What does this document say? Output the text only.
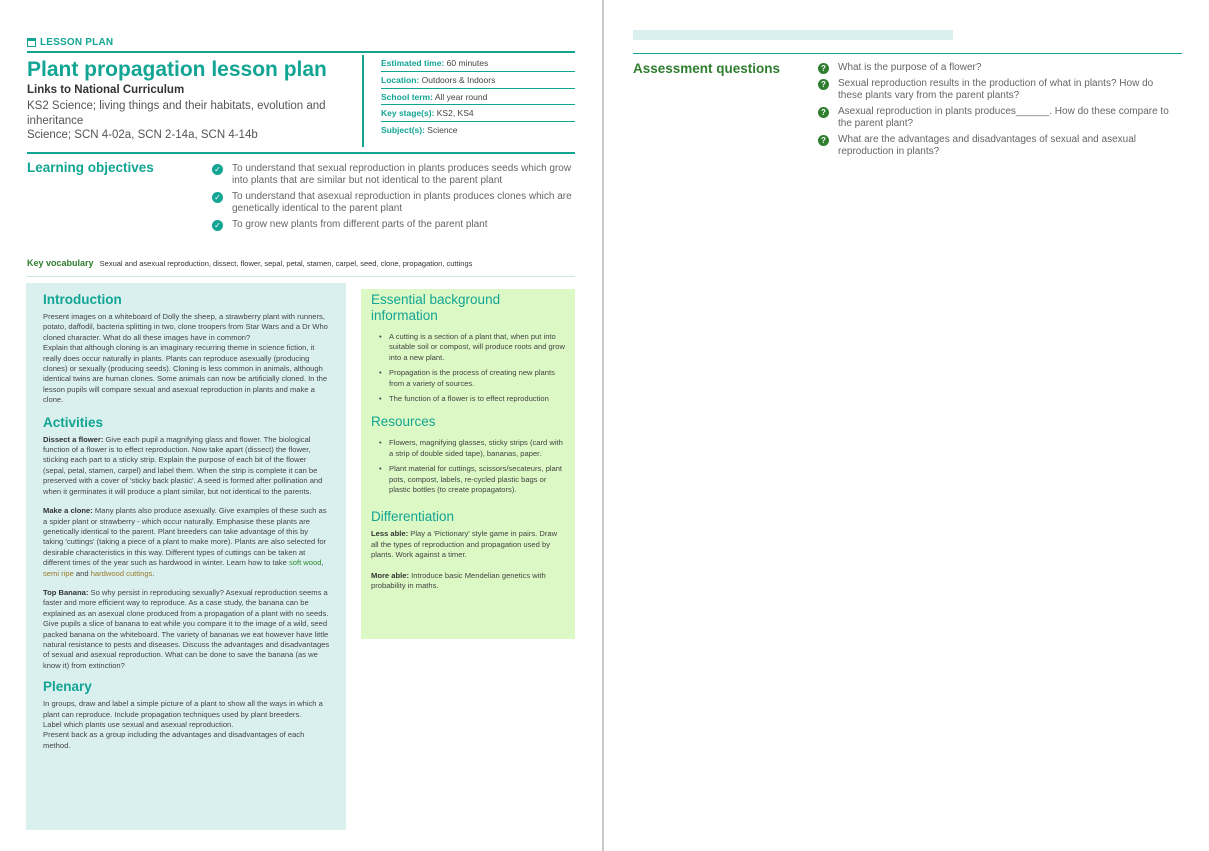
LESSON PLAN
Plant propagation lesson plan
Links to National Curriculum
KS2 Science; living things and their habitats, evolution and inheritance
Science; SCN 4-02a, SCN 2-14a, SCN 4-14b
Estimated time: 60 minutes
Location: Outdoors & Indoors
School term: All year round
Key stage(s): KS2, KS4
Subject(s): Science
Learning objectives	✓ To understand that sexual reproduction in plants produces seeds which grow into plants that are similar but not identical to the parent plant
✓ To understand that asexual reproduction in plants produces clones which are genetically identical to the parent plant
✓ To grow new plants from different parts of the parent plant
Key vocabulary Sexual and asexual reproduction, dissect, flower, sepal, petal, stamen, carpel, seed, clone, propagation, cuttings
Introduction
Present images on a whiteboard of Dolly the sheep, a strawberry plant with runners, potato, daffodil, bacteria splitting in two, clone troopers from Star Wars and a Dr Who cloned character. What do all these images have in common?
Explain that although cloning is an imaginary recurring theme in science fiction, it really does occur naturally in plants. Plants can reproduce asexually (producing clones) or sexually (producing seeds). Cloning is less common in animals, although identical twins are human clones. Some animals can now be artificially cloned. In the lesson pupils will compare sexual and asexual reproduction in plants and make a clone.
Activities
Dissect a flower: Give each pupil a magnifying glass and flower. The biological function of a flower is to effect reproduction. Now take apart (dissect) the flower, sticking each part to a sticky strip. Explain the purpose of each bit of the flower (sepal, petal, stamen, carpel) and label them. When the strip is complete it can be preserved with a cover of 'sticky back plastic'. A seed is formed after pollination and when it germinates it will produce a plant similar, but not identical to the parents.
Make a clone: Many plants also produce asexually. Give examples of these such as a spider plant or strawberry - which occur naturally. Emphasise these plants are genetically identical to the parent. Plant breeders can take advantage of this by taking 'cuttings' (taking a piece of a plant to make more). Plants are also selected for desirable characteristics in this way. Different types of cuttings can be taken at different times of the year such as hardwood in winter. Learn how to take soft wood, semi ripe and hardwood cuttings.
Top Banana: So why persist in reproducing sexually? Asexual reproduction seems a faster and more efficient way to reproduce. As a case study, the banana can be explained as an asexual clone produced from a propagation of a plant with no seeds. Give pupils a slice of banana to eat while you compare it to the image of a wild, seed packed banana on the whiteboard. The variety of bananas we eat however have little natural resistance to pests and diseases. Discuss the advantages and disadvantages of sexual and asexual reproduction. What can be done to save the banana (as we know it) from extinction?
Plenary
In groups, draw and label a simple picture of a plant to show all the ways in which a plant can reproduce. Include propagation techniques used by plant breeders.
Label which plants use sexual and asexual reproduction.
Present back as a group including the advantages and disadvantages of each method.
Essential background information
• A cutting is a section of a plant that, when put into suitable soil or compost, will produce roots and grow into a new plant.
• Propagation is the process of creating new plants from a variety of sources.
• The function of a flower is to effect reproduction
Resources
• Flowers, magnifying glasses, sticky strips (card with a strip of double sided tape), bananas, paper.
• Plant material for cuttings, scissors/secateurs, plant pots, compost, labels, re-cycled plastic bags or plastic bottles (to create propagators).
Differentiation
Less able: Play a 'Pictionary' style game in pairs. Draw all the types of reproduction and propagation used by plants. Work against a timer.
More able: Introduce basic Mendelian genetics with probability in maths.
Assessment questions	?	What is the purpose of a flower?
?	Sexual reproduction results in the production of what in plants? How do these plants vary from the parent plants?
?	Asexual reproduction in plants produces______. How do these compare to the parent plant?
?	What are the advantages and disadvantages of sexual and asexual reproduction in plants?
